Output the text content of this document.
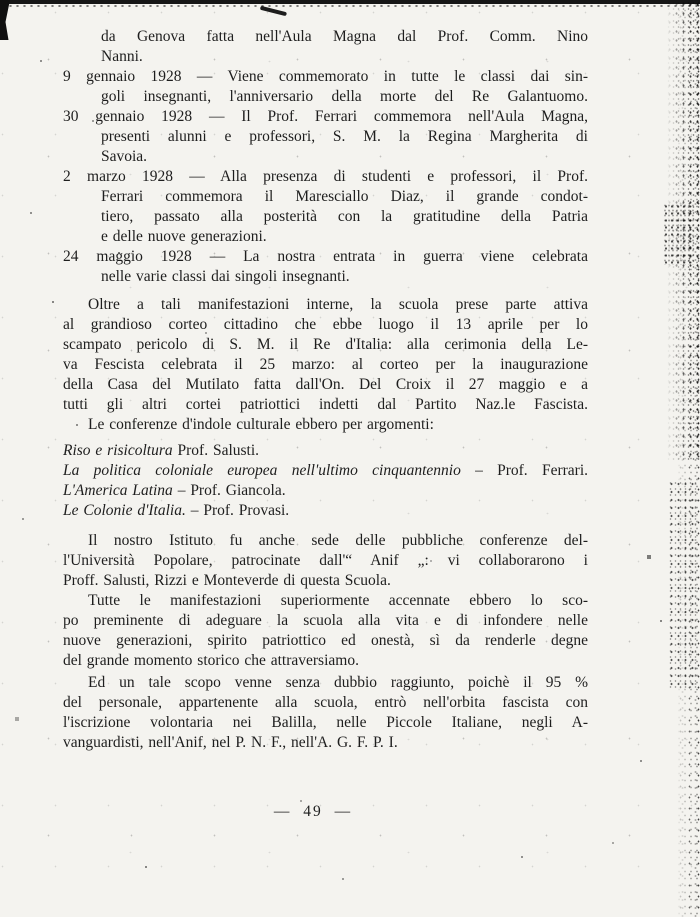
da Genova fatta nell'Aula Magna dal Prof. Comm. Nino
Nanni.
9 gennaio 1928 — Viene commemorato in tutte le classi dai sin-
goli insegnanti, l'anniversario della morte del Re Galantuomo.
30 gennaio 1928 — Il Prof. Ferrari commemora nell'Aula Magna,
presenti alunni e professori, S. M. la Regina Margherita di
Savoia.
2 marzo 1928 — Alla presenza di studenti e professori, il Prof.
Ferrari commemora il Maresciallo Diaz, il grande condot-
tiero, passato alla posterità con la gratitudine della Patria
e delle nuove generazioni.
24 maggio 1928 — La nostra entrata in guerra viene celebrata
nelle varie classi dai singoli insegnanti.
Oltre a tali manifestazioni interne, la scuola prese parte attiva
al grandioso corteo cittadino che ebbe luogo il 13 aprile per lo
scampato pericolo di S. M. il Re d'Italia: alla cerimonia della Le-
va Fescista celebrata il 25 marzo: al corteo per la inaugurazione
della Casa del Mutilato fatta dall'On. Del Croix il 27 maggio e a
tutti gli altri cortei patriottici indetti dal Partito Naz.le Fascista.
Le conferenze d'indole culturale ebbero per argomenti:
Riso e risicoltura Prof. Salusti.
La politica coloniale europea nell'ultimo cinquantennio – Prof. Ferrari.
L'America Latina – Prof. Giancola.
Le Colonie d'Italia. – Prof. Provasi.
Il nostro Istituto fu anche sede delle pubbliche conferenze del-
l'Università Popolare, patrocinate dall'“ Anif „: vi collaborarono i
Proff. Salusti, Rizzi e Monteverde di questa Scuola.
Tutte le manifestazioni superiormente accennate ebbero lo sco-
po preminente di adeguare la scuola alla vita e di infondere nelle
nuove generazioni, spirito patriottico ed onestà, sì da renderle degne
del grande momento storico che attraversiamo.
Ed un tale scopo venne senza dubbio raggiunto, poichè il 95 %
del personale, appartenente alla scuola, entrò nell'orbita fascista con
l'iscrizione volontaria nei Balilla, nelle Piccole Italiane, negli A-
vanguardisti, nell'Anif, nel P. N. F., nell'A. G. F. P. I.
— 49 —
